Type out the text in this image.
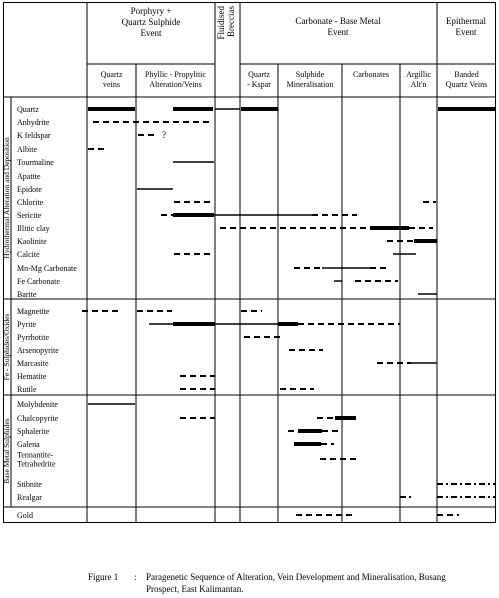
Porphyry +
Quartz Sulphide
Event	Fluidised Breccias	Carbonate - Base Metal
Event
Epithermal
Event
Quartz
veins
Phyllic - Propylitic
Alteration/Veins
Quartz
- Kspar
Sulphide
Mineralisation
Carbonates Argillic
Alt'n
Banded
Quartz Veins
Hydrothermal Alteration and Deposition
Fe - Sulphides/Oxides
Base Metal Sulphides
Quartz
Anhydrite
K feldspar
Albite
Tourmaline
Apatite
Epidote
Chlorite
Sericite
Illitic clay
Kaolinite
Calcite
Mn-Mg Carbonate
Fe Carbonate
Barite
Magnetite
Pyrite
Pyrrhotite
Arsenopyrite
Marcasite
Hematite
Rutile
Molybdenite
Chalcopyrite
Sphalerite
Galena
Tennantite-
Tetrahedrite
Stibnite
Realgar
Gold
?
Figure 1 : Paragenetic Sequence of Alteration, Vein Development and Mineralisation, Busang Prospect, East Kalimantan.
